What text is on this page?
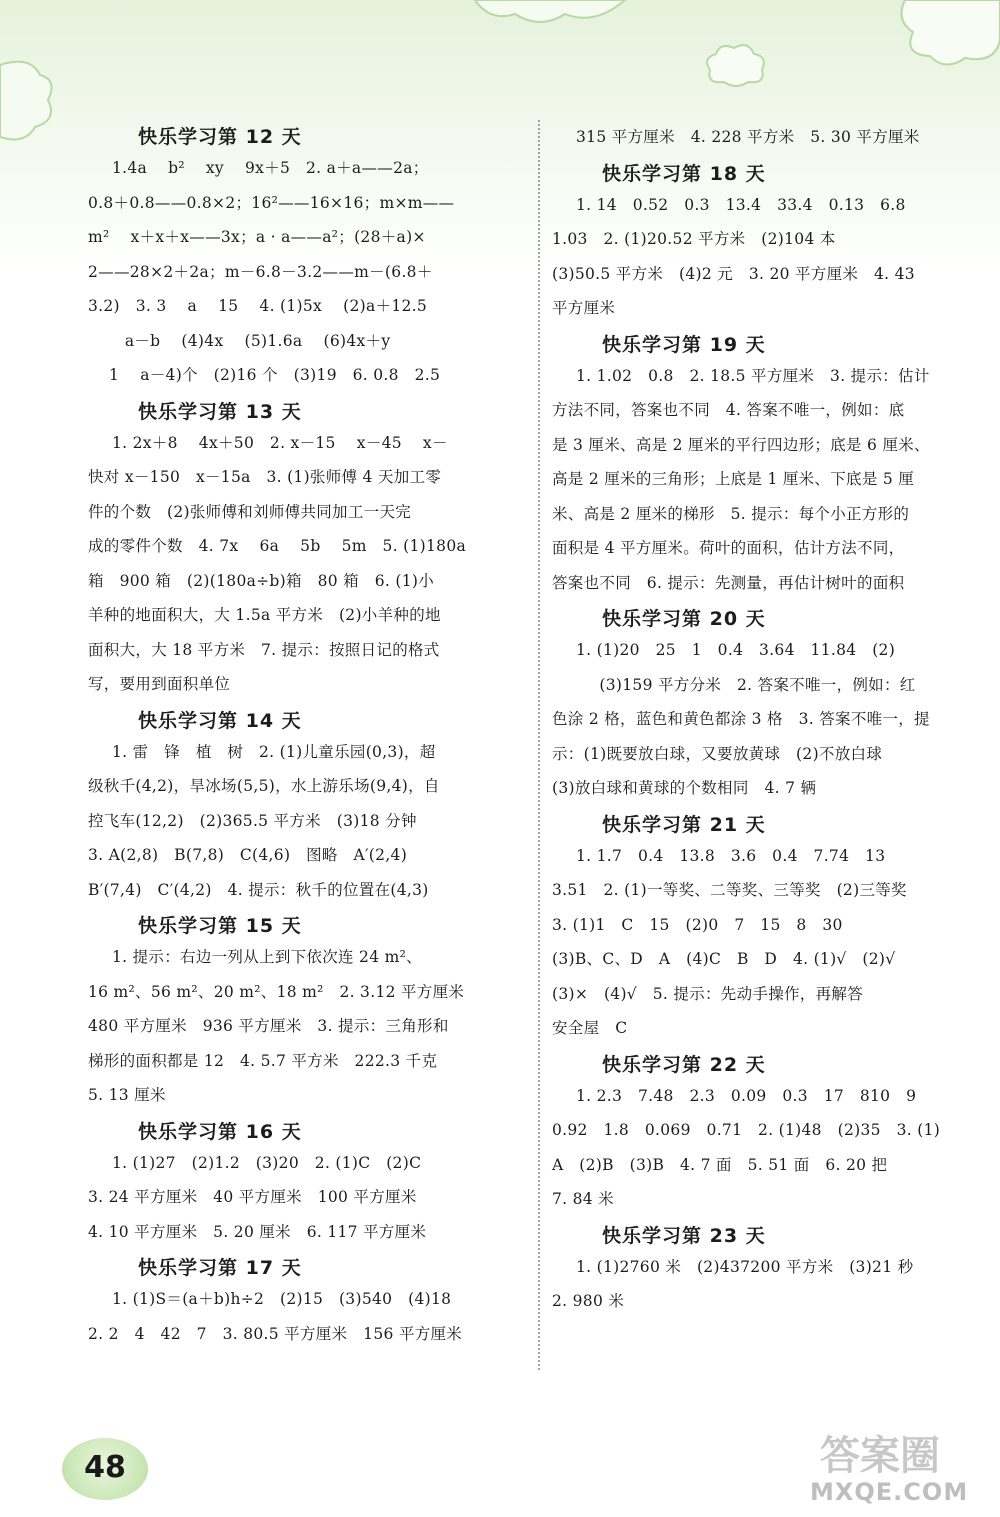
快乐学习第 12 天
1.4a　 b²　 xy　 9x＋5　2. a＋a——2a；
0.8＋0.8——0.8×2；16²——16×16；m×m——
m²　 x＋x＋x——3x；a · a——a²；(28＋a)×
2——28×2＋2a；m－6.8－3.2——m－(6.8＋
3.2)　3. 3　 a　 15　 4. (1)5x　 (2)a＋12.5
　　 a－b　 (4)4x　 (5)1.6a　 (6)4x＋y
　 1　 a－4)个　(2)16 个　(3)19　6. 0.8　2.5
快乐学习第 13 天
1. 2x＋8　 4x＋50　2. x－15　 x－45　 x－
快对 x－150　x－15a　3. (1)张师傅 4 天加工零
件的个数　(2)张师傅和刘师傅共同加工一天完
成的零件个数　4. 7x　 6a　 5b　 5m　5. (1)180a
箱　900 箱　(2)(180a÷b)箱　80 箱　6. (1)小
羊种的地面积大，大 1.5a 平方米　(2)小羊种的地
面积大，大 18 平方米　7. 提示：按照日记的格式
写，要用到面积单位
快乐学习第 14 天
1. 雷　锋　植　树　2. (1)儿童乐园(0,3)，超
级秋千(4,2)，旱冰场(5,5)，水上游乐场(9,4)，自
控飞车(12,2)　(2)365.5 平方米　(3)18 分钟
3. A(2,8)　B(7,8)　C(4,6)　图略　A′(2,4)
B′(7,4)　C′(4,2)　4. 提示：秋千的位置在(4,3)
快乐学习第 15 天
1. 提示：右边一列从上到下依次连 24 m²、
16 m²、56 m²、20 m²、18 m²　2. 3.12 平方厘米
480 平方厘米　936 平方厘米　3. 提示：三角形和
梯形的面积都是 12　4. 5.7 平方米　222.3 千克
5. 13 厘米
快乐学习第 16 天
1. (1)27　(2)1.2　(3)20　2. (1)C　(2)C
3. 24 平方厘米　40 平方厘米　100 平方厘米
4. 10 平方厘米　5. 20 厘米　6. 117 平方厘米
快乐学习第 17 天
1. (1)S＝(a＋b)h÷2　(2)15　(3)540　(4)18
2. 2　4　42　7　3. 80.5 平方厘米　156 平方厘米
315 平方厘米　4. 228 平方米　5. 30 平方厘米
快乐学习第 18 天
1. 14　0.52　0.3　13.4　33.4　0.13　6.8
1.03　2. (1)20.52 平方米　(2)104 本
(3)50.5 平方米　(4)2 元　3. 20 平方厘米　4. 43
平方厘米
快乐学习第 19 天
1. 1.02　0.8　2. 18.5 平方厘米　3. 提示：估计
方法不同，答案也不同　4. 答案不唯一，例如：底
是 3 厘米、高是 2 厘米的平行四边形；底是 6 厘米、
高是 2 厘米的三角形；上底是 1 厘米、下底是 5 厘
米、高是 2 厘米的梯形　5. 提示：每个小正方形的
面积是 4 平方厘米。荷叶的面积，估计方法不同，
答案也不同　6. 提示：先测量，再估计树叶的面积
快乐学习第 20 天
1. (1)20　25　1　0.4　3.64　11.84　(2)
　　　(3)159 平方分米　2. 答案不唯一，例如：红
色涂 2 格，蓝色和黄色都涂 3 格　3. 答案不唯一，提
示：(1)既要放白球，又要放黄球　(2)不放白球
(3)放白球和黄球的个数相同　4. 7 辆
快乐学习第 21 天
1. 1.7　0.4　13.8　3.6　0.4　7.74　13
3.51　2. (1)一等奖、二等奖、三等奖　(2)三等奖
3. (1)1　C　15　(2)0　7　15　8　30
(3)B、C、D　A　(4)C　B　D　4. (1)√　(2)√
(3)×　(4)√　5. 提示：先动手操作，再解答
安全屋　C
快乐学习第 22 天
1. 2.3　7.48　2.3　0.09　0.3　17　810　9
0.92　1.8　0.069　0.71　2. (1)48　(2)35　3. (1)
A　(2)B　(3)B　4. 7 面　5. 51 面　6. 20 把
7. 84 米
快乐学习第 23 天
1. (1)2760 米　(2)437200 平方米　(3)21 秒
2. 980 米
48	答案圈
MXQE.COM
